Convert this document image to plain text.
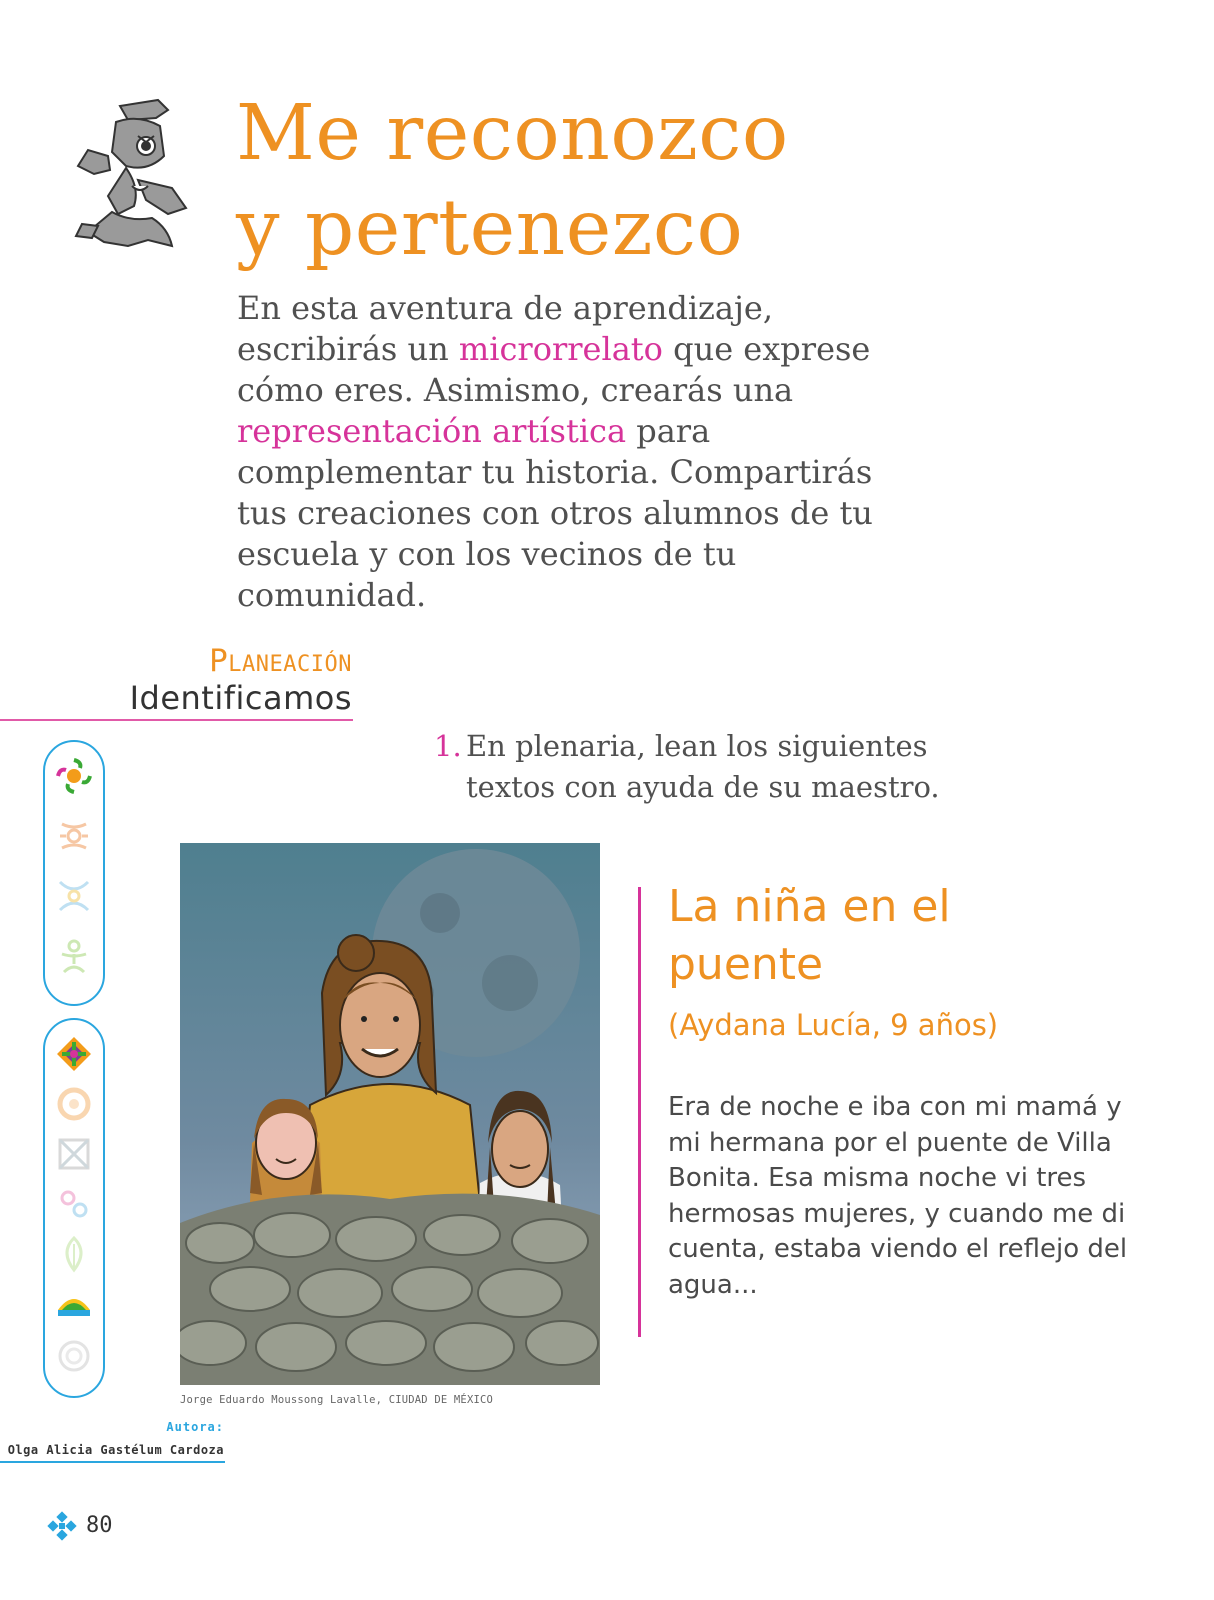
Me reconozco
y pertenezco

En esta aventura de aprendizaje, escribirás un microrrelato que exprese cómo eres. Asimismo, crearás una representación artística para complementar tu historia. Compartirás tus creaciones con otros alumnos de tu escuela y con los vecinos de tu comunidad.

Planeación
Identificamos

1. En plenaria, lean los siguientes
textos con ayuda de su maestro.

Jorge Eduardo Moussong Lavalle, CIUDAD DE MÉXICO
Autora:
Olga Alicia Gastélum Cardoza
La niña en el
puente
(Aydana Lucía, 9 años)

Era de noche e iba con mi mamá y mi hermana por el puente de Villa Bonita. Esa misma noche vi tres hermosas mujeres, y cuando me di cuenta, estaba viendo el reflejo del agua...

80
